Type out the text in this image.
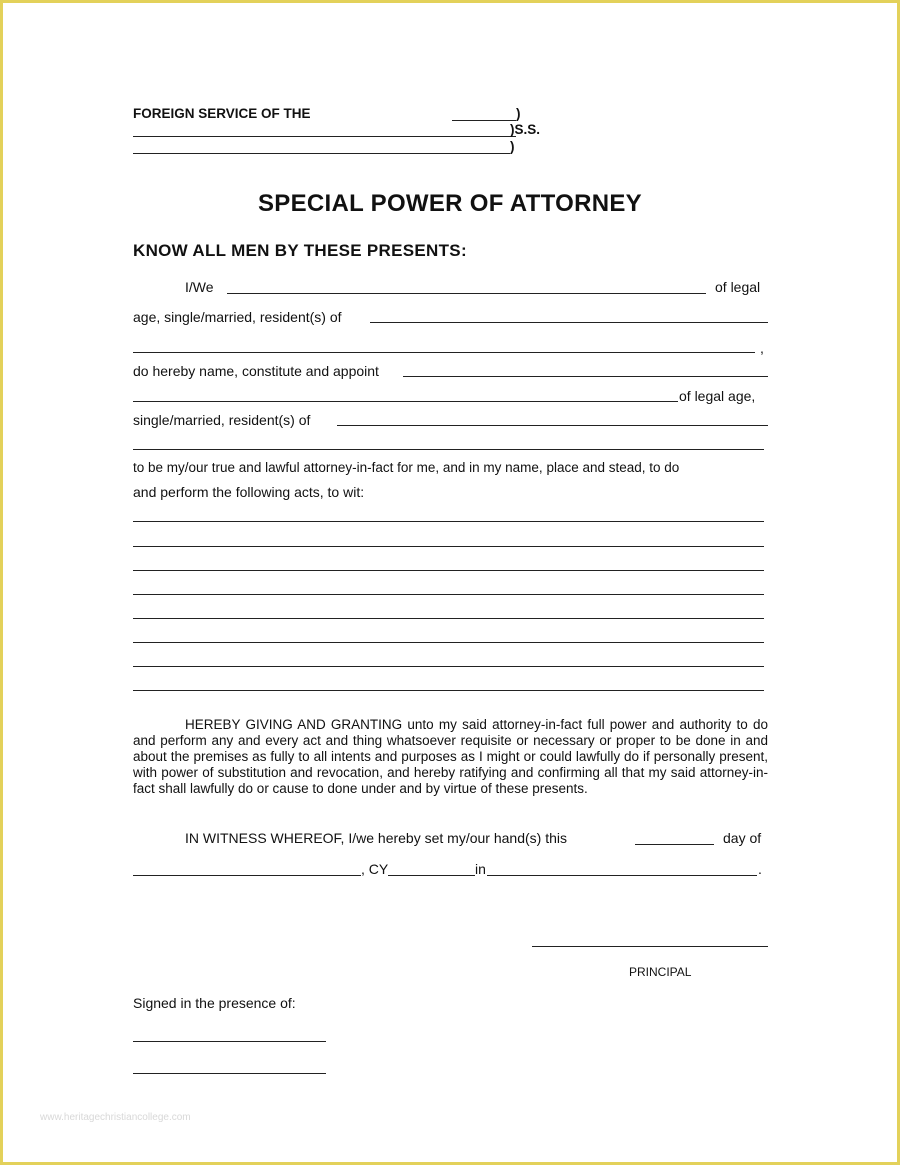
FOREIGN SERVICE OF THE	)
)S.S.
)
SPECIAL POWER OF ATTORNEY
KNOW ALL MEN BY THESE PRESENTS:
I/We	of legal
age, single/married, resident(s) of
,
do hereby name, constitute and appoint
of legal age,
single/married, resident(s) of
to be my/our true and lawful attorney-in-fact for me, and in my name, place and stead, to do
and perform the following acts, to wit:
HEREBY GIVING AND GRANTING unto my said attorney-in-fact full power and authority to do and perform any and every act and thing whatsoever requisite or necessary or proper to be done in and about the premises as fully to all intents and purposes as I might or could lawfully do if personally present, with power of substitution and revocation, and hereby ratifying and confirming all that my said attorney-in-fact shall lawfully do or cause to done under and by virtue of these presents.
IN WITNESS WHEREOF, I/we hereby set my/our hand(s) this	day of
, CY	in	.
PRINCIPAL
Signed in the presence of:
www.heritagechristiancollege.com
